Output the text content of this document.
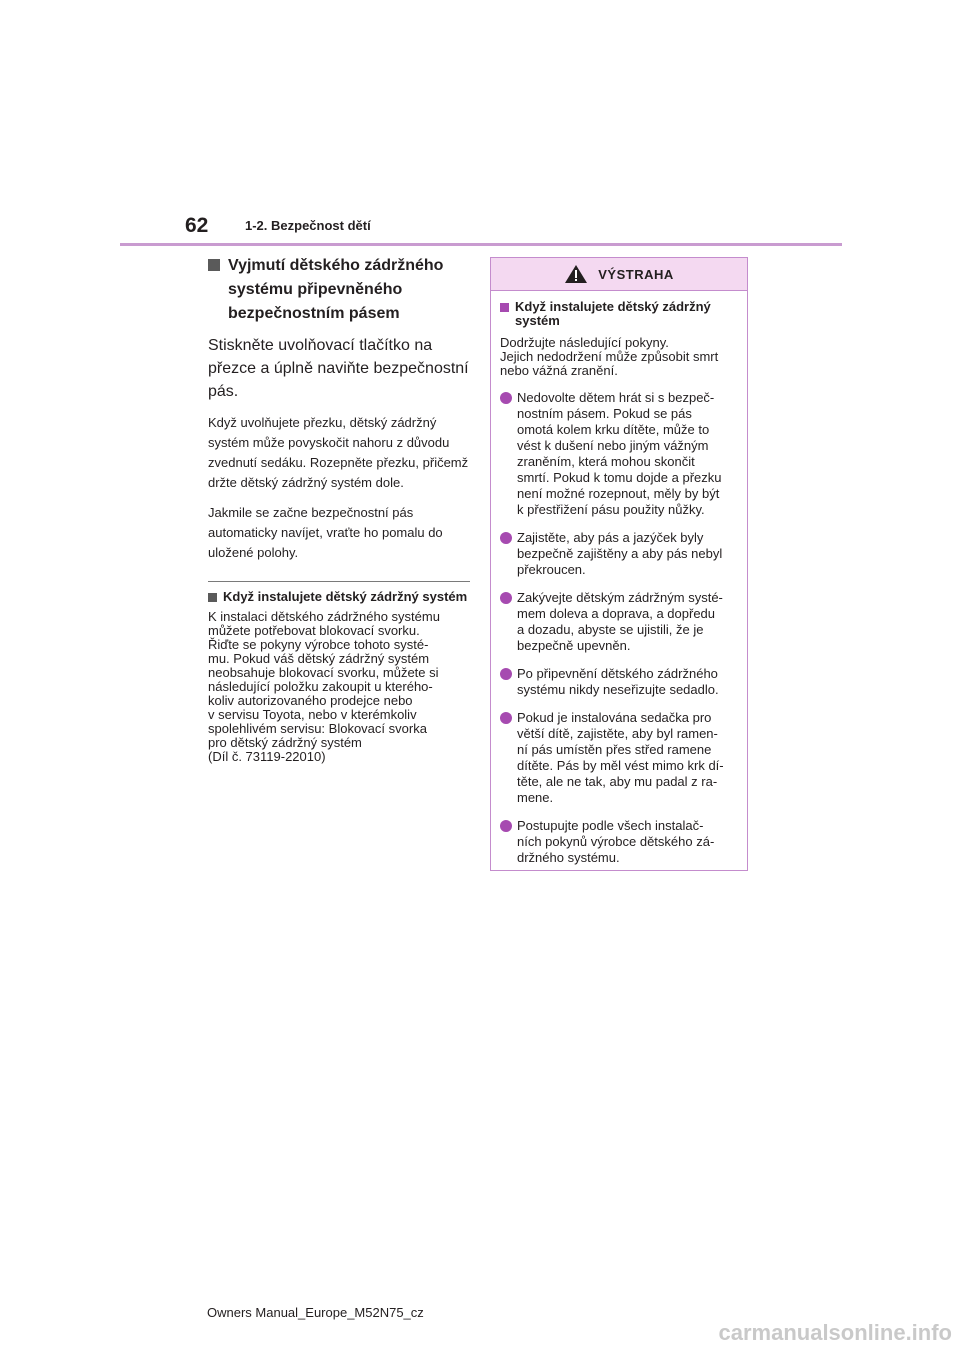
62	1-2. Bezpečnost dětí
Vyjmutí dětského zádržného systému připevněného bezpečnostním pásem

Stiskněte uvolňovací tlačítko na přezce a úplně naviňte bezpečnostní pás.

Když uvolňujete přezku, dětský zádržný systém může povyskočit nahoru z důvodu zvednutí sedáku. Rozepněte přezku, přičemž držte dětský zádržný systém dole.

Jakmile se začne bezpečnostní pás automaticky navíjet, vraťte ho pomalu do uložené polohy.

Když instalujete dětský zádržný systém

K instalaci dětského zádržného systému
můžete potřebovat blokovací svorku.
Řiďte se pokyny výrobce tohoto systé-
mu. Pokud váš dětský zádržný systém
neobsahuje blokovací svorku, můžete si
následující položku zakoupit u kterého-
koliv autorizovaného prodejce nebo
v servisu Toyota, nebo v kterémkoliv
spolehlivém servisu: Blokovací svorka
pro dětský zádržný systém
(Díl č. 73119-22010)

VÝSTRAHA
Když instalujete dětský zádržný systém

Dodržujte následující pokyny.
Jejich nedodržení může způsobit smrt
nebo vážná zranění.

Nedovolte dětem hrát si s bezpeč-
nostním pásem. Pokud se pás
omotá kolem krku dítěte, může to
vést k dušení nebo jiným vážným
zraněním, která mohou skončit
smrtí. Pokud k tomu dojde a přezku
není možné rozepnout, měly by být
k přestřižení pásu použity nůžky.
Zajistěte, aby pás a jazýček byly
bezpečně zajištěny a aby pás nebyl
překroucen.
Zakývejte dětským zádržným systé-
mem doleva a doprava, a dopředu
a dozadu, abyste se ujistili, že je
bezpečně upevněn.
Po připevnění dětského zádržného
systému nikdy neseřizujte sedadlo.
Pokud je instalována sedačka pro
větší dítě, zajistěte, aby byl ramen-
ní pás umístěn přes střed ramene
dítěte. Pás by měl vést mimo krk dí-
těte, ale ne tak, aby mu padal z ra-
mene.
Postupujte podle všech instalač-
ních pokynů výrobce dětského zá-
držného systému.
Owners Manual_Europe_M52N75_cz
carmanualsonline.info
